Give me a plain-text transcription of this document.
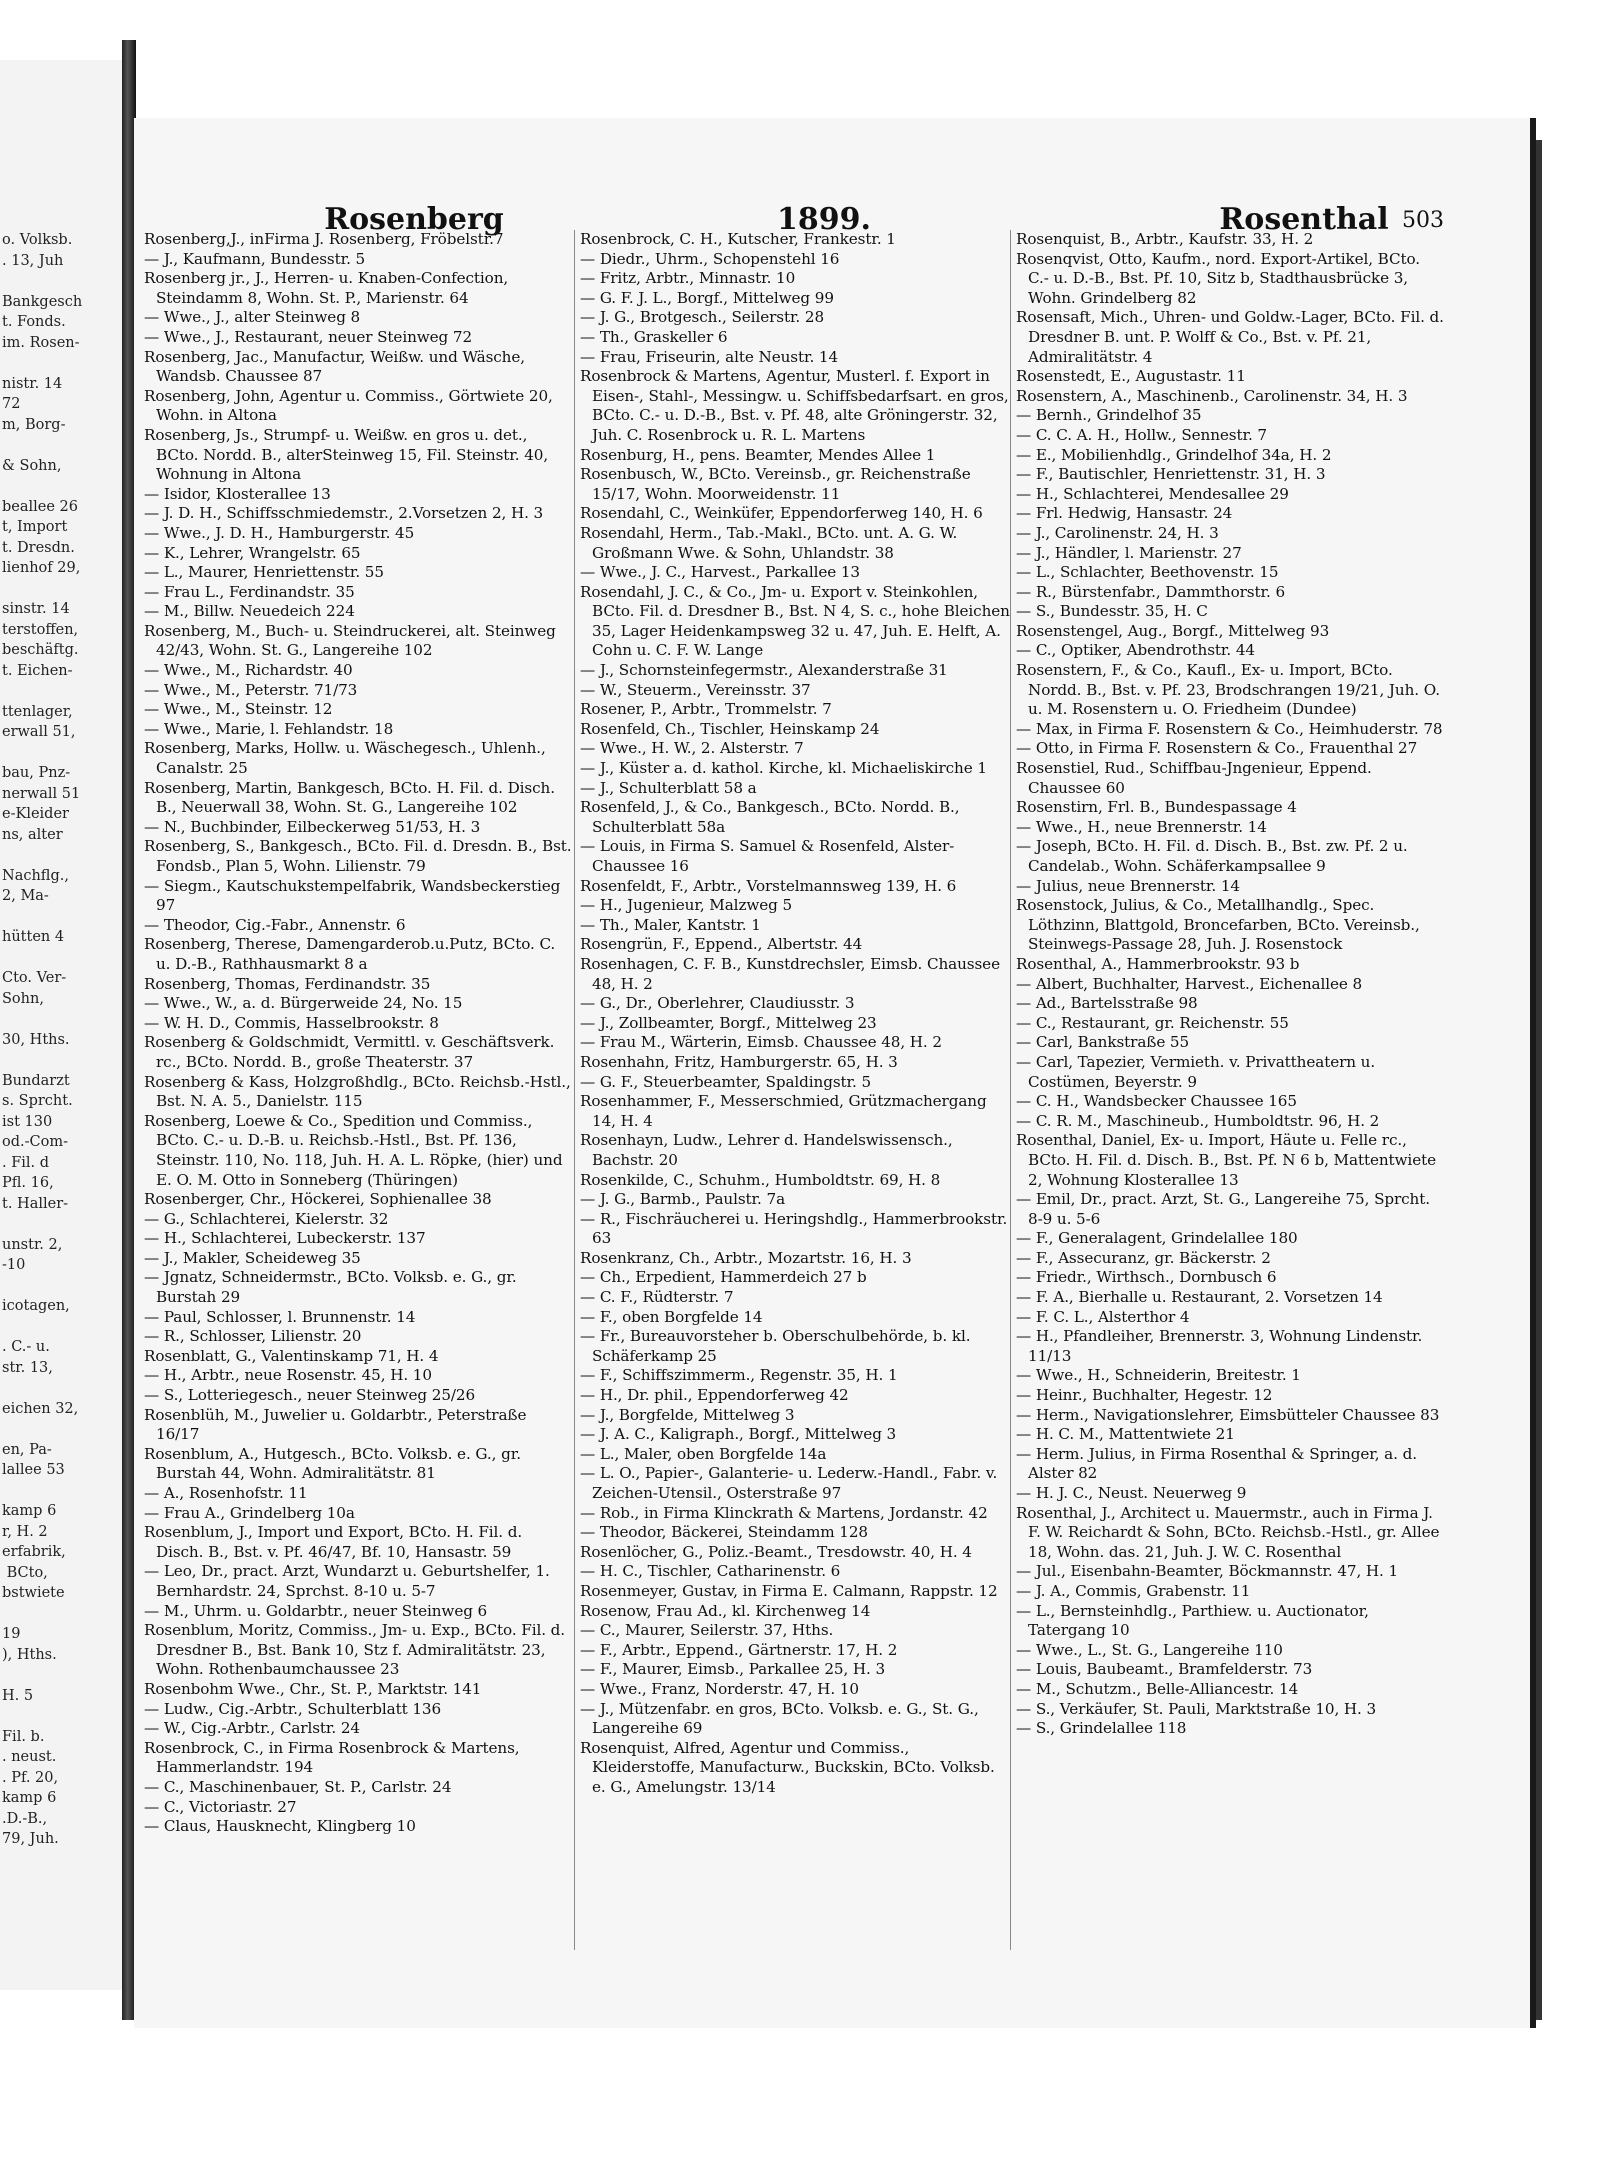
o. Volksb.
. 13, Juh

Bankgesch
t. Fonds.
im. Rosen-

nistr. 14
72
m, Borg-

& Sohn,

beallee 26
t, Import
t. Dresdn.
lienhof 29,

sinstr. 14
terstoffen,
beschäftg.
t. Eichen-

ttenlager,
erwall 51,

bau, Pnz-
nerwall 51
e-Kleider
ns, alter

Nachflg.,
2, Ma-

hütten 4

Cto. Ver-
Sohn,

30, Hths.

Bundarzt
s. Sprcht.
ist 130
od.-Com-
. Fil. d
Pfl. 16,
t. Haller-

unstr. 2,
-10

icotagen,

. C.- u.
str. 13,

eichen 32,

en, Pa-
lallee 53

kamp 6
r, H. 2
erfabrik,
BCto,
bstwiete

19
), Hths.

H. 5

Fil. b.
. neust.
. Pf. 20,
kamp 6
.D.-B.,
79, Juh.
Rosenberg	1899.	Rosenthal 503

Rosenberg,J., inFirma J. Rosenberg, Fröbelstr.7

— J., Kaufmann, Bundesstr. 5

Rosenberg jr., J., Herren- u. Knaben-Confection, Steindamm 8, Wohn. St. P., Marienstr. 64

— Wwe., J., alter Steinweg 8

— Wwe., J., Restaurant, neuer Steinweg 72

Rosenberg, Jac., Manufactur, Weißw. und Wäsche, Wandsb. Chaussee 87

Rosenberg, John, Agentur u. Commiss., Görtwiete 20, Wohn. in Altona

Rosenberg, Js., Strumpf- u. Weißw. en gros u. det., BCto. Nordd. B., alterSteinweg 15, Fil. Steinstr. 40, Wohnung in Altona

— Isidor, Klosterallee 13

— J. D. H., Schiffsschmiedemstr., 2.Vorsetzen 2, H. 3

— Wwe., J. D. H., Hamburgerstr. 45

— K., Lehrer, Wrangelstr. 65

— L., Maurer, Henriettenstr. 55

— Frau L., Ferdinandstr. 35

— M., Billw. Neuedeich 224

Rosenberg, M., Buch- u. Steindruckerei, alt. Steinweg 42/43, Wohn. St. G., Langereihe 102

— Wwe., M., Richardstr. 40

— Wwe., M., Peterstr. 71/73

— Wwe., M., Steinstr. 12

— Wwe., Marie, l. Fehlandstr. 18

Rosenberg, Marks, Hollw. u. Wäschegesch., Uhlenh., Canalstr. 25

Rosenberg, Martin, Bankgesch, BCto. H. Fil. d. Disch. B., Neuerwall 38, Wohn. St. G., Langereihe 102

— N., Buchbinder, Eilbeckerweg 51/53, H. 3

Rosenberg, S., Bankgesch., BCto. Fil. d. Dresdn. B., Bst. Fondsb., Plan 5, Wohn. Lilienstr. 79

— Siegm., Kautschukstempelfabrik, Wandsbeckerstieg 97

— Theodor, Cig.-Fabr., Annenstr. 6

Rosenberg, Therese, Damengarderob.u.Putz, BCto. C. u. D.-B., Rathhausmarkt 8 a

Rosenberg, Thomas, Ferdinandstr. 35

— Wwe., W., a. d. Bürgerweide 24, No. 15

— W. H. D., Commis, Hasselbrookstr. 8

Rosenberg & Goldschmidt, Vermittl. v. Geschäftsverk. rc., BCto. Nordd. B., große Theaterstr. 37

Rosenberg & Kass, Holzgroßhdlg., BCto. Reichsb.-Hstl., Bst. N. A. 5., Danielstr. 115

Rosenberg, Loewe & Co., Spedition und Commiss., BCto. C.- u. D.-B. u. Reichsb.-Hstl., Bst. Pf. 136, Steinstr. 110, No. 118, Juh. H. A. L. Röpke, (hier) und E. O. M. Otto in Sonneberg (Thüringen)

Rosenberger, Chr., Höckerei, Sophienallee 38

— G., Schlachterei, Kielerstr. 32

— H., Schlachterei, Lubeckerstr. 137

— J., Makler, Scheideweg 35

— Jgnatz, Schneidermstr., BCto. Volksb. e. G., gr. Burstah 29

— Paul, Schlosser, l. Brunnenstr. 14

— R., Schlosser, Lilienstr. 20

Rosenblatt, G., Valentinskamp 71, H. 4

— H., Arbtr., neue Rosenstr. 45, H. 10

— S., Lotteriegesch., neuer Steinweg 25/26

Rosenblüh, M., Juwelier u. Goldarbtr., Peterstraße 16/17

Rosenblum, A., Hutgesch., BCto. Volksb. e. G., gr. Burstah 44, Wohn. Admiralitätstr. 81

— A., Rosenhofstr. 11

— Frau A., Grindelberg 10a

Rosenblum, J., Import und Export, BCto. H. Fil. d. Disch. B., Bst. v. Pf. 46/47, Bf. 10, Hansastr. 59

— Leo, Dr., pract. Arzt, Wundarzt u. Geburtshelfer, 1. Bernhardstr. 24, Sprchst. 8-10 u. 5-7

— M., Uhrm. u. Goldarbtr., neuer Steinweg 6

Rosenblum, Moritz, Commiss., Jm- u. Exp., BCto. Fil. d. Dresdner B., Bst. Bank 10, Stz f. Admiralitätstr. 23, Wohn. Rothenbaumchaussee 23

Rosenbohm Wwe., Chr., St. P., Marktstr. 141

— Ludw., Cig.-Arbtr., Schulterblatt 136

— W., Cig.-Arbtr., Carlstr. 24

Rosenbrock, C., in Firma Rosenbrock & Martens, Hammerlandstr. 194

— C., Maschinenbauer, St. P., Carlstr. 24

— C., Victoriastr. 27

— Claus, Hausknecht, Klingberg 10

Rosenbrock, C. H., Kutscher, Frankestr. 1

— Diedr., Uhrm., Schopenstehl 16

— Fritz, Arbtr., Minnastr. 10

— G. F. J. L., Borgf., Mittelweg 99

— J. G., Brotgesch., Seilerstr. 28

— Th., Graskeller 6

— Frau, Friseurin, alte Neustr. 14

Rosenbrock & Martens, Agentur, Musterl. f. Export in Eisen-, Stahl-, Messingw. u. Schiffsbedarfsart. en gros, BCto. C.- u. D.-B., Bst. v. Pf. 48, alte Gröningerstr. 32, Juh. C. Rosenbrock u. R. L. Martens

Rosenburg, H., pens. Beamter, Mendes Allee 1

Rosenbusch, W., BCto. Vereinsb., gr. Reichenstraße 15/17, Wohn. Moorweidenstr. 11

Rosendahl, C., Weinküfer, Eppendorferweg 140, H. 6

Rosendahl, Herm., Tab.-Makl., BCto. unt. A. G. W. Großmann Wwe. & Sohn, Uhlandstr. 38

— Wwe., J. C., Harvest., Parkallee 13

Rosendahl, J. C., & Co., Jm- u. Export v. Steinkohlen, BCto. Fil. d. Dresdner B., Bst. N 4, S. c., hohe Bleichen 35, Lager Heidenkampsweg 32 u. 47, Juh. E. Helft, A. Cohn u. C. F. W. Lange

— J., Schornsteinfegermstr., Alexanderstraße 31

— W., Steuerm., Vereinsstr. 37

Rosener, P., Arbtr., Trommelstr. 7

Rosenfeld, Ch., Tischler, Heinskamp 24

— Wwe., H. W., 2. Alsterstr. 7

— J., Küster a. d. kathol. Kirche, kl. Michaeliskirche 1

— J., Schulterblatt 58 a

Rosenfeld, J., & Co., Bankgesch., BCto. Nordd. B., Schulterblatt 58a

— Louis, in Firma S. Samuel & Rosenfeld, Alster-Chaussee 16

Rosenfeldt, F., Arbtr., Vorstelmannsweg 139, H. 6

— H., Jugenieur, Malzweg 5

— Th., Maler, Kantstr. 1

Rosengrün, F., Eppend., Albertstr. 44

Rosenhagen, C. F. B., Kunstdrechsler, Eimsb. Chaussee 48, H. 2

— G., Dr., Oberlehrer, Claudiusstr. 3

— J., Zollbeamter, Borgf., Mittelweg 23

— Frau M., Wärterin, Eimsb. Chaussee 48, H. 2

Rosenhahn, Fritz, Hamburgerstr. 65, H. 3

— G. F., Steuerbeamter, Spaldingstr. 5

Rosenhammer, F., Messerschmied, Grützmachergang 14, H. 4

Rosenhayn, Ludw., Lehrer d. Handelswissensch., Bachstr. 20

Rosenkilde, C., Schuhm., Humboldtstr. 69, H. 8

— J. G., Barmb., Paulstr. 7a

— R., Fischräucherei u. Heringshdlg., Hammerbrookstr. 63

Rosenkranz, Ch., Arbtr., Mozartstr. 16, H. 3

— Ch., Erpedient, Hammerdeich 27 b

— C. F., Rüdterstr. 7

— F., oben Borgfelde 14

— Fr., Bureauvorsteher b. Oberschulbehörde, b. kl. Schäferkamp 25

— F., Schiffszimmerm., Regenstr. 35, H. 1

— H., Dr. phil., Eppendorferweg 42

— J., Borgfelde, Mittelweg 3

— J. A. C., Kaligraph., Borgf., Mittelweg 3

— L., Maler, oben Borgfelde 14a

— L. O., Papier-, Galanterie- u. Lederw.-Handl., Fabr. v. Zeichen-Utensil., Osterstraße 97

— Rob., in Firma Klinckrath & Martens, Jordanstr. 42

— Theodor, Bäckerei, Steindamm 128

Rosenlöcher, G., Poliz.-Beamt., Tresdowstr. 40, H. 4

— H. C., Tischler, Catharinenstr. 6

Rosenmeyer, Gustav, in Firma E. Calmann, Rappstr. 12

Rosenow, Frau Ad., kl. Kirchenweg 14

— C., Maurer, Seilerstr. 37, Hths.

— F., Arbtr., Eppend., Gärtnerstr. 17, H. 2

— F., Maurer, Eimsb., Parkallee 25, H. 3

— Wwe., Franz, Norderstr. 47, H. 10

— J., Mützenfabr. en gros, BCto. Volksb. e. G., St. G., Langereihe 69

Rosenquist, Alfred, Agentur und Commiss., Kleiderstoffe, Manufacturw., Buckskin, BCto. Volksb. e. G., Amelungstr. 13/14

Rosenquist, B., Arbtr., Kaufstr. 33, H. 2

Rosenqvist, Otto, Kaufm., nord. Export-Artikel, BCto. C.- u. D.-B., Bst. Pf. 10, Sitz b, Stadthausbrücke 3, Wohn. Grindelberg 82

Rosensaft, Mich., Uhren- und Goldw.-Lager, BCto. Fil. d. Dresdner B. unt. P. Wolff & Co., Bst. v. Pf. 21, Admiralitätstr. 4

Rosenstedt, E., Augustastr. 11

Rosenstern, A., Maschinenb., Carolinenstr. 34, H. 3

— Bernh., Grindelhof 35

— C. C. A. H., Hollw., Sennestr. 7

— E., Mobilienhdlg., Grindelhof 34a, H. 2

— F., Bautischler, Henriettenstr. 31, H. 3

— H., Schlachterei, Mendesallee 29

— Frl. Hedwig, Hansastr. 24

— J., Carolinenstr. 24, H. 3

— J., Händler, l. Marienstr. 27

— L., Schlachter, Beethovenstr. 15

— R., Bürstenfabr., Dammthorstr. 6

— S., Bundesstr. 35, H. C

Rosenstengel, Aug., Borgf., Mittelweg 93

— C., Optiker, Abendrothstr. 44

Rosenstern, F., & Co., Kaufl., Ex- u. Import, BCto. Nordd. B., Bst. v. Pf. 23, Brodschrangen 19/21, Juh. O. u. M. Rosenstern u. O. Friedheim (Dundee)

— Max, in Firma F. Rosenstern & Co., Heimhuderstr. 78

— Otto, in Firma F. Rosenstern & Co., Frauenthal 27

Rosenstiel, Rud., Schiffbau-Jngenieur, Eppend. Chaussee 60

Rosenstirn, Frl. B., Bundespassage 4

— Wwe., H., neue Brennerstr. 14

— Joseph, BCto. H. Fil. d. Disch. B., Bst. zw. Pf. 2 u. Candelab., Wohn. Schäferkampsallee 9

— Julius, neue Brennerstr. 14

Rosenstock, Julius, & Co., Metallhandlg., Spec. Löthzinn, Blattgold, Broncefarben, BCto. Vereinsb., Steinwegs-Passage 28, Juh. J. Rosenstock

Rosenthal, A., Hammerbrookstr. 93 b

— Albert, Buchhalter, Harvest., Eichenallee 8

— Ad., Bartelsstraße 98

— C., Restaurant, gr. Reichenstr. 55

— Carl, Bankstraße 55

— Carl, Tapezier, Vermieth. v. Privattheatern u. Costümen, Beyerstr. 9

— C. H., Wandsbecker Chaussee 165

— C. R. M., Maschineub., Humboldtstr. 96, H. 2

Rosenthal, Daniel, Ex- u. Import, Häute u. Felle rc., BCto. H. Fil. d. Disch. B., Bst. Pf. N 6 b, Mattentwiete 2, Wohnung Klosterallee 13

— Emil, Dr., pract. Arzt, St. G., Langereihe 75, Sprcht. 8-9 u. 5-6

— F., Generalagent, Grindelallee 180

— F., Assecuranz, gr. Bäckerstr. 2

— Friedr., Wirthsch., Dornbusch 6

— F. A., Bierhalle u. Restaurant, 2. Vorsetzen 14

— F. C. L., Alsterthor 4

— H., Pfandleiher, Brennerstr. 3, Wohnung Lindenstr. 11/13

— Wwe., H., Schneiderin, Breitestr. 1

— Heinr., Buchhalter, Hegestr. 12

— Herm., Navigationslehrer, Eimsbütteler Chaussee 83

— H. C. M., Mattentwiete 21

— Herm. Julius, in Firma Rosenthal & Springer, a. d. Alster 82

— H. J. C., Neust. Neuerweg 9

Rosenthal, J., Architect u. Mauermstr., auch in Firma J. F. W. Reichardt & Sohn, BCto. Reichsb.-Hstl., gr. Allee 18, Wohn. das. 21, Juh. J. W. C. Rosenthal

— Jul., Eisenbahn-Beamter, Böckmannstr. 47, H. 1

— J. A., Commis, Grabenstr. 11

— L., Bernsteinhdlg., Parthiew. u. Auctionator, Tatergang 10

— Wwe., L., St. G., Langereihe 110

— Louis, Baubeamt., Bramfelderstr. 73

— M., Schutzm., Belle-Alliancestr. 14

— S., Verkäufer, St. Pauli, Marktstraße 10, H. 3

— S., Grindelallee 118
